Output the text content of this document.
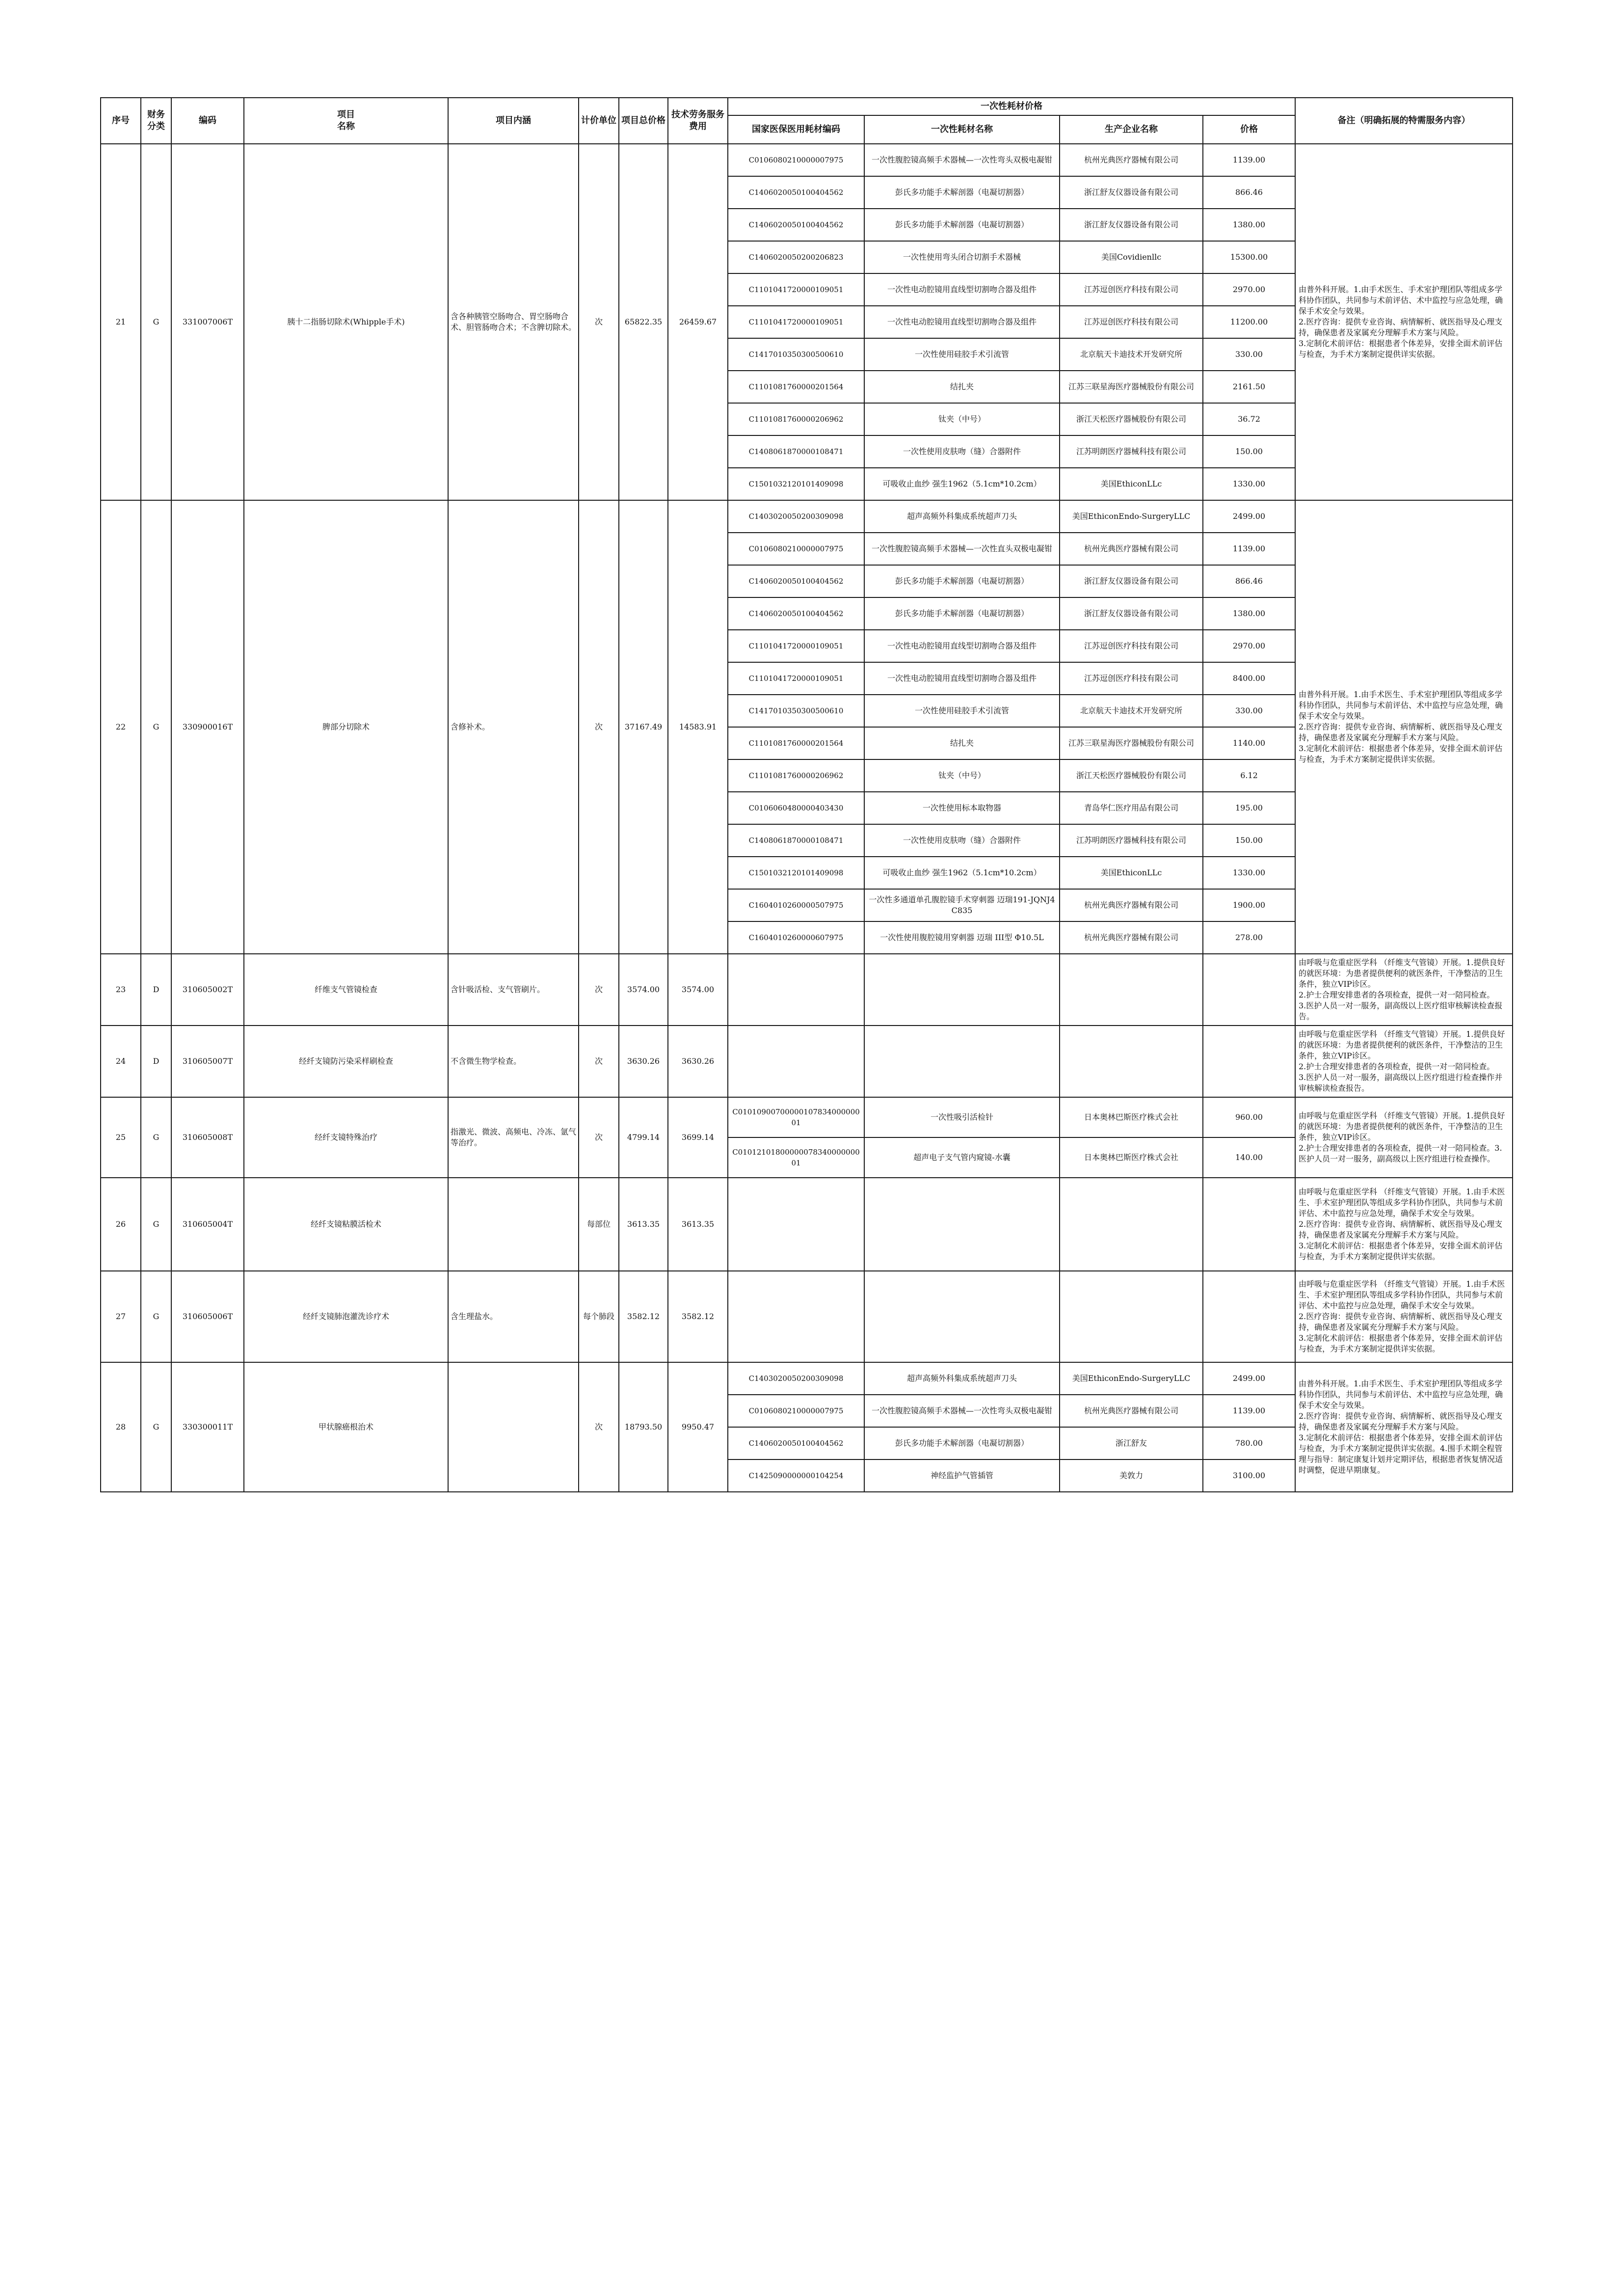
序号	财务分类	编码	项目
名称	项目内涵	计价单位	项目总价格	技术劳务服务费用	一次性耗材价格				备注（明确拓展的特需服务内容）
								国家医保医用耗材编码	一次性耗材名称	生产企业名称	价格	
21	G	331007006T	胰十二指肠切除术(Whipple手术)	含各种胰管空肠吻合、胃空肠吻合术、胆管肠吻合术；不含脾切除术。	次	65822.35	26459.67	C0106080210000007975	一次性腹腔镜高频手术器械—一次性弯头双极电凝钳	杭州光典医疗器械有限公司	1139.00	由普外科开展。1.由手术医生、手术室护理团队等组成多学科协作团队，共同参与术前评估、术中监控与应急处理，确保手术安全与效果。
2.医疗咨询：提供专业咨询、病情解析、就医指导及心理支持，确保患者及家属充分理解手术方案与风险。
3.定制化术前评估：根据患者个体差异，安排全面术前评估与检查，为手术方案制定提供详实依据。
								C1406020050100404562	彭氏多功能手术解剖器（电凝切割器）	浙江舒友仪器设备有限公司	866.46	
								C1406020050100404562	彭氏多功能手术解剖器（电凝切割器）	浙江舒友仪器设备有限公司	1380.00	
								C1406020050200206823	一次性使用弯头闭合切割手术器械	美国Covidienllc	15300.00	
								C1101041720000109051	一次性电动腔镜用直线型切割吻合器及组件	江苏逗创医疗科技有限公司	2970.00	
								C1101041720000109051	一次性电动腔镜用直线型切割吻合器及组件	江苏逗创医疗科技有限公司	11200.00	
								C1417010350300500610	一次性使用硅胶手术引流管	北京航天卡迪技术开发研究所	330.00	
								C1101081760000201564	结扎夹	江苏三联星海医疗器械股份有限公司	2161.50	
								C1101081760000206962	钛夹（中号）	浙江天松医疗器械股份有限公司	36.72	
								C1408061870000108471	一次性使用皮肤吻（缝）合器附件	江苏明朗医疗器械科技有限公司	150.00	
								C1501032120101409098	可吸收止血纱 强生1962（5.1cm*10.2cm）	美国EthiconLLc	1330.00	
22	G	330900016T	脾部分切除术	含修补术。	次	37167.49	14583.91	C1403020050200309098	超声高频外科集成系统超声刀头	美国EthiconEndo-SurgeryLLC	2499.00	由普外科开展。1.由手术医生、手术室护理团队等组成多学科协作团队，共同参与术前评估、术中监控与应急处理，确保手术安全与效果。
2.医疗咨询：提供专业咨询、病情解析、就医指导及心理支持，确保患者及家属充分理解手术方案与风险。
3.定制化术前评估：根据患者个体差异，安排全面术前评估与检查，为手术方案制定提供详实依据。
								C0106080210000007975	一次性腹腔镜高频手术器械—一次性直头双极电凝钳	杭州光典医疗器械有限公司	1139.00	
								C1406020050100404562	彭氏多功能手术解剖器（电凝切割器）	浙江舒友仪器设备有限公司	866.46	
								C1406020050100404562	彭氏多功能手术解剖器（电凝切割器）	浙江舒友仪器设备有限公司	1380.00	
								C1101041720000109051	一次性电动腔镜用直线型切割吻合器及组件	江苏逗创医疗科技有限公司	2970.00	
								C1101041720000109051	一次性电动腔镜用直线型切割吻合器及组件	江苏逗创医疗科技有限公司	8400.00	
								C1417010350300500610	一次性使用硅胶手术引流管	北京航天卡迪技术开发研究所	330.00	
								C1101081760000201564	结扎夹	江苏三联星海医疗器械股份有限公司	1140.00	
								C1101081760000206962	钛夹（中号）	浙江天松医疗器械股份有限公司	6.12	
								C0106060480000403430	一次性使用标本取物器	青岛华仁医疗用品有限公司	195.00	
								C1408061870000108471	一次性使用皮肤吻（缝）合器附件	江苏明朗医疗器械科技有限公司	150.00	
								C1501032120101409098	可吸收止血纱 强生1962（5.1cm*10.2cm）	美国EthiconLLc	1330.00	
								C1604010260000507975	一次性多通道单孔腹腔镜手术穿刺器 迈瑞191-JQNJ4C835	杭州光典医疗器械有限公司	1900.00	
								C1604010260000607975	一次性使用腹腔镜用穿刺器 迈瑞 III型 Φ10.5L	杭州光典医疗器械有限公司	278.00	
23	D	310605002T	纤维支气管镜检查	含针吸活检、支气管刷片。	次	3574.00	3574.00					由呼吸与危重症医学科 （纤维支气管镜）开展。1.提供良好的就医环境：为患者提供便利的就医条件，干净整洁的卫生条件，独立VIP诊区。
2.护士合理安排患者的各项检查，提供一对一陪同检查。
3.医护人员一对一服务，副高级以上医疗组审核解读检查报告。
24	D	310605007T	经纤支镜防污染采样刷检查	不含微生物学检查。	次	3630.26	3630.26					由呼吸与危重症医学科 （纤维支气管镜）开展。1.提供良好的就医环境：为患者提供便利的就医条件，干净整洁的卫生条件，独立VIP诊区。
2.护士合理安排患者的各项检查，提供一对一陪同检查。
3.医护人员一对一服务，副高级以上医疗组进行检查操作并审核解读检查报告。
25	G	310605008T	经纤支镜特殊治疗	指激光、微波、高频电、冷冻、氩气等治疗。	次	4799.14	3699.14	C0101090070000010783400000001	一次性吸引活检针	日本奥林巴斯医疗株式会社	960.00	由呼吸与危重症医学科 （纤维支气管镜）开展。1.提供良好的就医环境：为患者提供便利的就医条件，干净整洁的卫生条件，独立VIP诊区。
2.护士合理安排患者的各项检查，提供一对一陪同检查。3.医护人员一对一服务，副高级以上医疗组进行检查操作。
								C0101210180000007834000000001	超声电子支气管内窥镜-水囊	日本奥林巴斯医疗株式会社	140.00	
26	G	310605004T	经纤支镜粘膜活检术		每部位	3613.35	3613.35					由呼吸与危重症医学科 （纤维支气管镜）开展。1.由手术医生、手术室护理团队等组成多学科协作团队，共同参与术前评估、术中监控与应急处理，确保手术安全与效果。
2.医疗咨询：提供专业咨询、病情解析、就医指导及心理支持，确保患者及家属充分理解手术方案与风险。
3.定制化术前评估：根据患者个体差异，安排全面术前评估与检查，为手术方案制定提供详实依据。
27	G	310605006T	经纤支镜肺泡灌洗诊疗术	含生理盐水。	每个肺段	3582.12	3582.12					由呼吸与危重症医学科 （纤维支气管镜）开展。1.由手术医生、手术室护理团队等组成多学科协作团队，共同参与术前评估、术中监控与应急处理，确保手术安全与效果。
2.医疗咨询：提供专业咨询、病情解析、就医指导及心理支持，确保患者及家属充分理解手术方案与风险。
3.定制化术前评估：根据患者个体差异，安排全面术前评估与检查，为手术方案制定提供详实依据。
28	G	330300011T	甲状腺癌根治术		次	18793.50	9950.47	C1403020050200309098	超声高频外科集成系统超声刀头	美国EthiconEndo-SurgeryLLC	2499.00	由普外科开展。1.由手术医生、手术室护理团队等组成多学科协作团队，共同参与术前评估、术中监控与应急处理，确保手术安全与效果。
2.医疗咨询：提供专业咨询、病情解析、就医指导及心理支持，确保患者及家属充分理解手术方案与风险。
3.定制化术前评估：根据患者个体差异，安排全面术前评估与检查，为手术方案制定提供详实依据。4.围手术期全程管理与指导：制定康复计划并定期评估，根据患者恢复情况适时调整，促进早期康复。
								C0106080210000007975	一次性腹腔镜高频手术器械—一次性弯头双极电凝钳	杭州光典医疗器械有限公司	1139.00	
								C1406020050100404562	彭氏多功能手术解剖器（电凝切割器）	浙江舒友	780.00	
								C1425090000000104254	神经监护气管插管	美敦力	3100.00	
